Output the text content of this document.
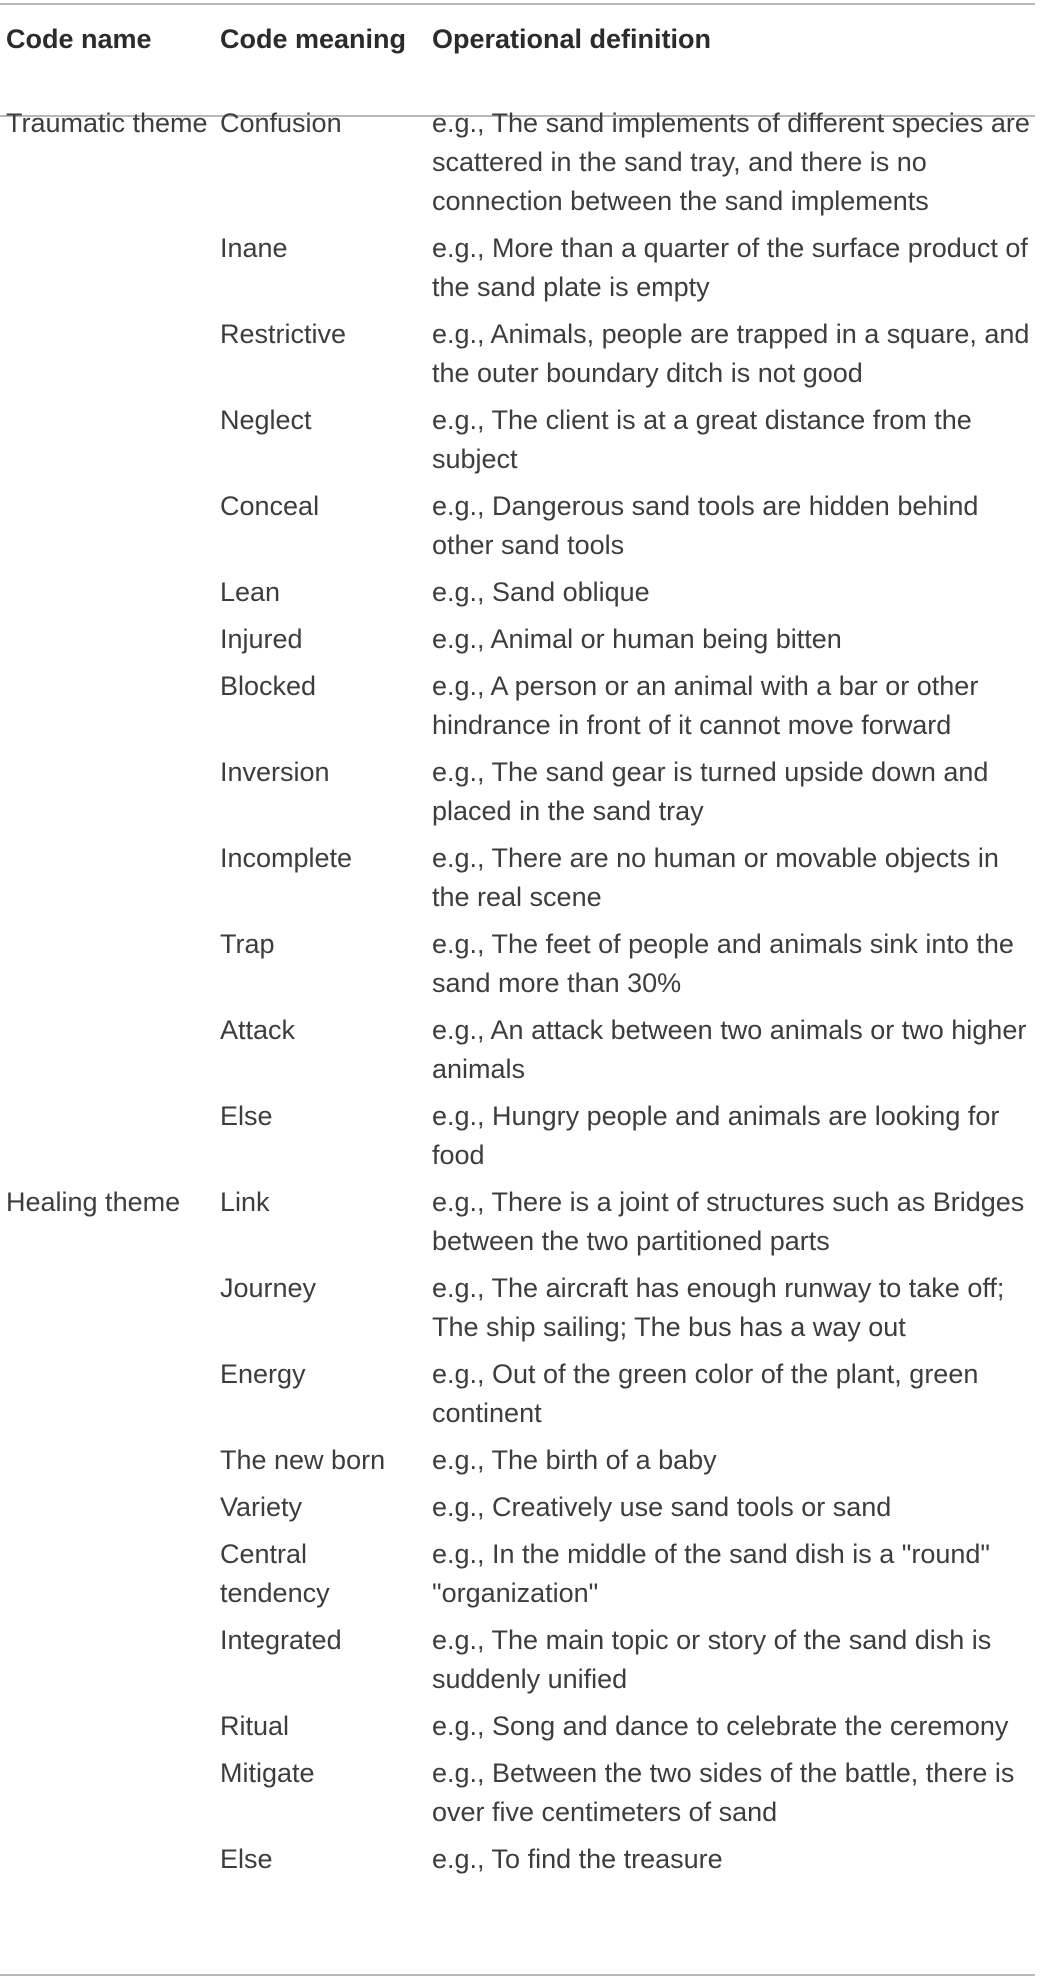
Code name	Code meaning	Operational definition
Traumatic theme	Confusion	e.g., The sand implements of different species are scattered in the sand tray, and there is no connection between the sand implements
	Inane	e.g., More than a quarter of the surface product of the sand plate is empty
	Restrictive	e.g., Animals, people are trapped in a square, and the outer boundary ditch is not good
	Neglect	e.g., The client is at a great distance from the subject
	Conceal	e.g., Dangerous sand tools are hidden behind other sand tools
	Lean	e.g., Sand oblique
	Injured	e.g., Animal or human being bitten
	Blocked	e.g., A person or an animal with a bar or other hindrance in front of it cannot move forward
	Inversion	e.g., The sand gear is turned upside down and placed in the sand tray
	Incomplete	e.g., There are no human or movable objects in the real scene
	Trap	e.g., The feet of people and animals sink into the sand more than 30%
	Attack	e.g., An attack between two animals or two higher animals
	Else	e.g., Hungry people and animals are looking for food
Healing theme	Link	e.g., There is a joint of structures such as Bridges between the two partitioned parts
	Journey	e.g., The aircraft has enough runway to take off; The ship sailing; The bus has a way out
	Energy	e.g., Out of the green color of the plant, green continent
	The new born	e.g., The birth of a baby
	Variety	e.g., Creatively use sand tools or sand
	Central tendency	e.g., In the middle of the sand dish is a "round" "organization"
	Integrated	e.g., The main topic or story of the sand dish is suddenly unified
	Ritual	e.g., Song and dance to celebrate the ceremony
	Mitigate	e.g., Between the two sides of the battle, there is over five centimeters of sand
	Else	e.g., To find the treasure
